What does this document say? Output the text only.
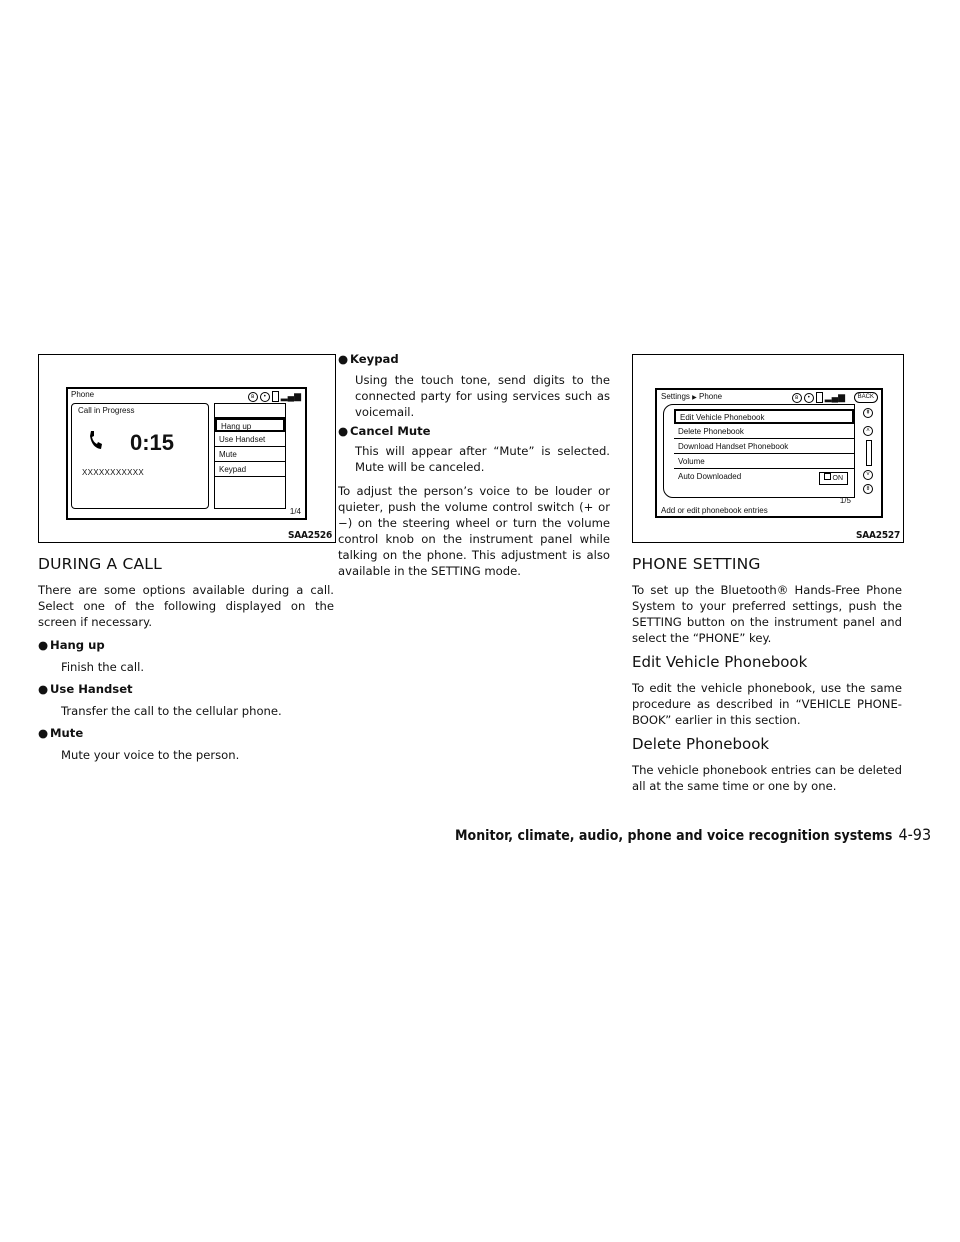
Phone	ʙ	•	▂▄▆
Call in Progress
0:15
XXXXXXXXXXX
Hang up
Use Handset
Mute
Keypad
1/4
SAA2526
DURING A CALL
There are some options available during a call. Select one of the following displayed on the screen if necessary.
● Hang up
Finish the call.
● Use Handset
Transfer the call to the cellular phone.
● Mute
Mute your voice to the person.
● Keypad
Using the touch tone, send digits to the connected party for using services such as voicemail.
● Cancel Mute
This will appear after “Mute” is selected. Mute will be canceled.
To adjust the person’s voice to be louder or quieter, push the volume control switch (+ or −) on the steering wheel or turn the volume control knob on the instrument panel while talking on the phone. This adjustment is also available in the SETTING mode.
Settings ▶ Phone	ʙ	•	▂▄▆	BACK
Edit Vehicle Phonebook
Delete Phonebook
Download Handset Phonebook
Volume
Auto Downloaded	ON
⇞
˄
˅
⇟
1/5
Add or edit phonebook entries
SAA2527
PHONE SETTING
To set up the Bluetooth® Hands-Free Phone System to your preferred settings, push the SETTING button on the instrument panel and select the “PHONE” key.
Edit Vehicle Phonebook
To edit the vehicle phonebook, use the same procedure as described in “VEHICLE PHONE-BOOK” earlier in this section.
Delete Phonebook
The vehicle phonebook entries can be deleted all at the same time or one by one.
Monitor, climate, audio, phone and voice recognition systems 4-93
